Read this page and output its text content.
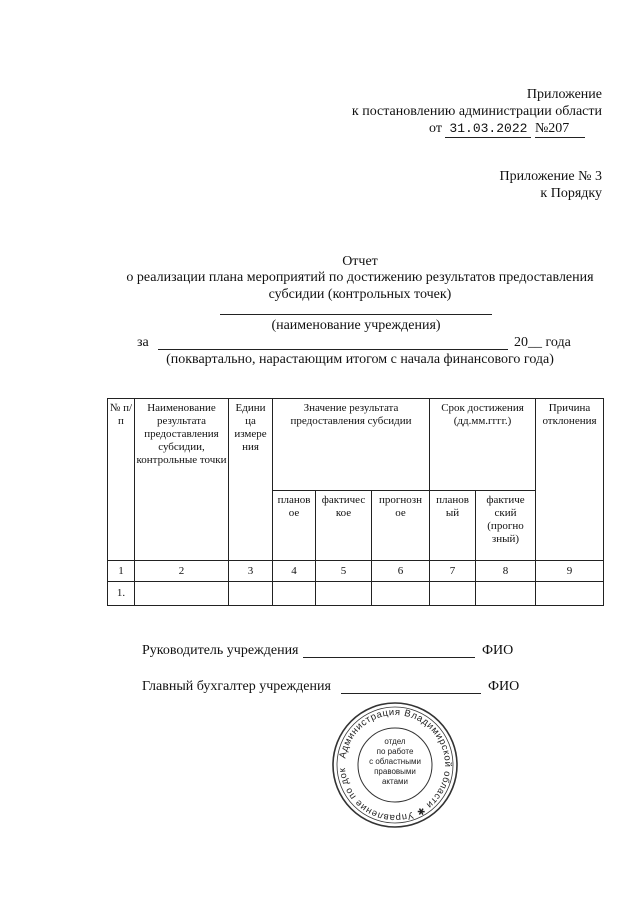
Приложение
к постановлению администрации области
от 31.03.2022 №207
Приложение № 3
к Порядку
Отчет
о реализации плана мероприятий по достижению результатов предоставления
субсидии (контрольных точек)
(наименование учреждения)
за	20__ года
(поквартально, нарастающим итогом с начала финансового года)
№ п/п	Наименование результата предоставления субсидии, контрольные точки	Едини ца измере ния	Значение результата предоставления субсидии			Срок достижения (дд.мм.гггг.)		Причина отклонения
			планов ое	фактичес кое	прогнозн ое	планов ый	фактиче ский (прогно зный)	
1	2	3	4	5	6	7	8	9
1.								
Руководитель учреждения	ФИО
Главный бухгалтер учреждения	ФИО
Администрация Владимирской области ✱ Управление по док
отдел
по работе
с областными
правовыми
актами
